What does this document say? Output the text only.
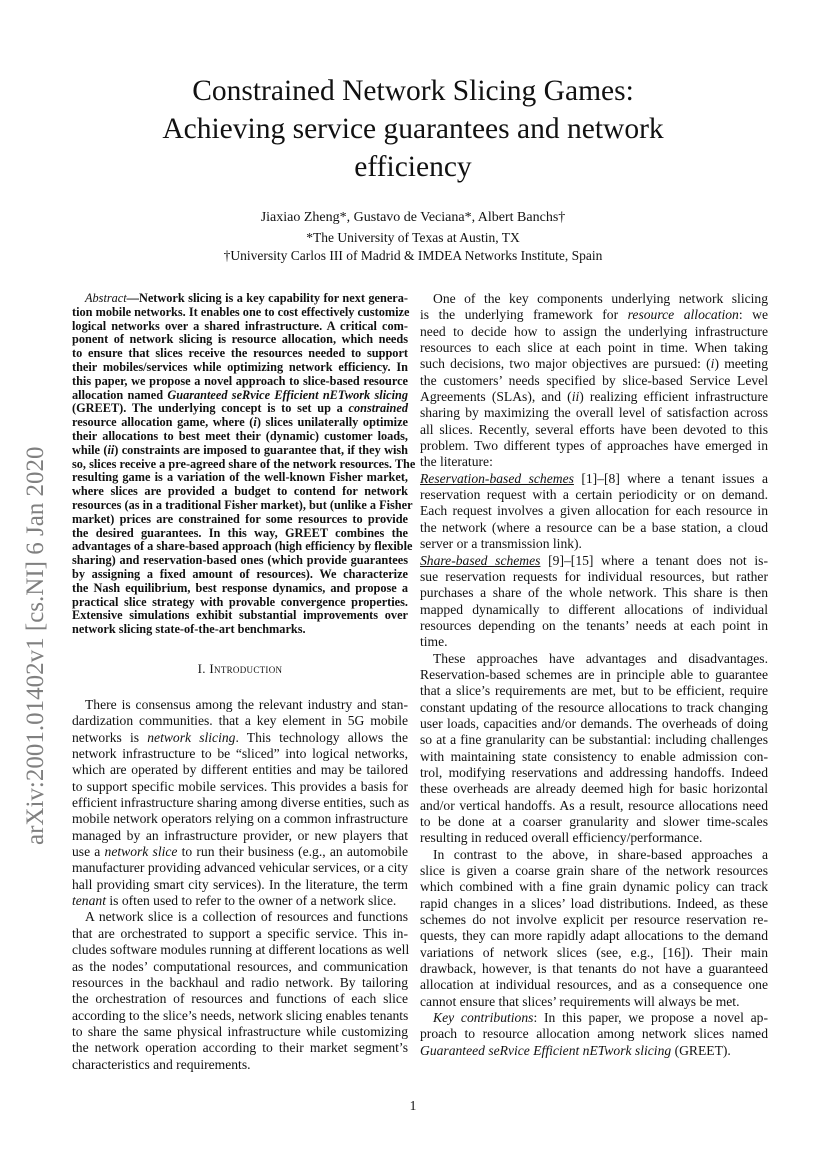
arXiv:2001.01402v1 [cs.NI] 6 Jan 2020
Constrained Network Slicing Games:
Achieving service guarantees and network
efficiency
Jiaxiao Zheng*, Gustavo de Veciana*, Albert Banchs†
*The University of Texas at Austin, TX
†University Carlos III of Madrid & IMDEA Networks Institute, Spain
Abstract—Network slicing is a key capability for next genera-
tion mobile networks. It enables one to cost effectively customize
logical networks over a shared infrastructure. A critical com-
ponent of network slicing is resource allocation, which needs
to ensure that slices receive the resources needed to support
their mobiles/services while optimizing network efficiency. In
this paper, we propose a novel approach to slice-based resource
allocation named Guaranteed seRvice Efficient nETwork slicing
(GREET). The underlying concept is to set up a constrained
resource allocation game, where (i) slices unilaterally optimize
their allocations to best meet their (dynamic) customer loads,
while (ii) constraints are imposed to guarantee that, if they wish
so, slices receive a pre-agreed share of the network resources. The
resulting game is a variation of the well-known Fisher market,
where slices are provided a budget to contend for network
resources (as in a traditional Fisher market), but (unlike a Fisher
market) prices are constrained for some resources to provide
the desired guarantees. In this way, GREET combines the
advantages of a share-based approach (high efficiency by flexible
sharing) and reservation-based ones (which provide guarantees
by assigning a fixed amount of resources). We characterize
the Nash equilibrium, best response dynamics, and propose a
practical slice strategy with provable convergence properties.
Extensive simulations exhibit substantial improvements over
network slicing state-of-the-art benchmarks.
I. Introduction
There is consensus among the relevant industry and stan-
dardization communities. that a key element in 5G mobile
networks is network slicing. This technology allows the
network infrastructure to be “sliced” into logical networks,
which are operated by different entities and may be tailored
to support specific mobile services. This provides a basis for
efficient infrastructure sharing among diverse entities, such as
mobile network operators relying on a common infrastructure
managed by an infrastructure provider, or new players that
use a network slice to run their business (e.g., an automobile
manufacturer providing advanced vehicular services, or a city
hall providing smart city services). In the literature, the term
tenant is often used to refer to the owner of a network slice.
A network slice is a collection of resources and functions
that are orchestrated to support a specific service. This in-
cludes software modules running at different locations as well
as the nodes’ computational resources, and communication
resources in the backhaul and radio network. By tailoring
the orchestration of resources and functions of each slice
according to the slice’s needs, network slicing enables tenants
to share the same physical infrastructure while customizing
the network operation according to their market segment’s
characteristics and requirements.
One of the key components underlying network slicing
is the underlying framework for resource allocation: we
need to decide how to assign the underlying infrastructure
resources to each slice at each point in time. When taking
such decisions, two major objectives are pursued: (i) meeting
the customers’ needs specified by slice-based Service Level
Agreements (SLAs), and (ii) realizing efficient infrastructure
sharing by maximizing the overall level of satisfaction across
all slices. Recently, several efforts have been devoted to this
problem. Two different types of approaches have emerged in
the literature:
Reservation-based schemes [1]–[8] where a tenant issues a
reservation request with a certain periodicity or on demand.
Each request involves a given allocation for each resource in
the network (where a resource can be a base station, a cloud
server or a transmission link).
Share-based schemes [9]–[15] where a tenant does not is-
sue reservation requests for individual resources, but rather
purchases a share of the whole network. This share is then
mapped dynamically to different allocations of individual
resources depending on the tenants’ needs at each point in
time.
These approaches have advantages and disadvantages.
Reservation-based schemes are in principle able to guarantee
that a slice’s requirements are met, but to be efficient, require
constant updating of the resource allocations to track changing
user loads, capacities and/or demands. The overheads of doing
so at a fine granularity can be substantial: including challenges
with maintaining state consistency to enable admission con-
trol, modifying reservations and addressing handoffs. Indeed
these overheads are already deemed high for basic horizontal
and/or vertical handoffs. As a result, resource allocations need
to be done at a coarser granularity and slower time-scales
resulting in reduced overall efficiency/performance.
In contrast to the above, in share-based approaches a
slice is given a coarse grain share of the network resources
which combined with a fine grain dynamic policy can track
rapid changes in a slices’ load distributions. Indeed, as these
schemes do not involve explicit per resource reservation re-
quests, they can more rapidly adapt allocations to the demand
variations of network slices (see, e.g., [16]). Their main
drawback, however, is that tenants do not have a guaranteed
allocation at individual resources, and as a consequence one
cannot ensure that slices’ requirements will always be met.
Key contributions: In this paper, we propose a novel ap-
proach to resource allocation among network slices named
Guaranteed seRvice Efficient nETwork slicing (GREET).
1
